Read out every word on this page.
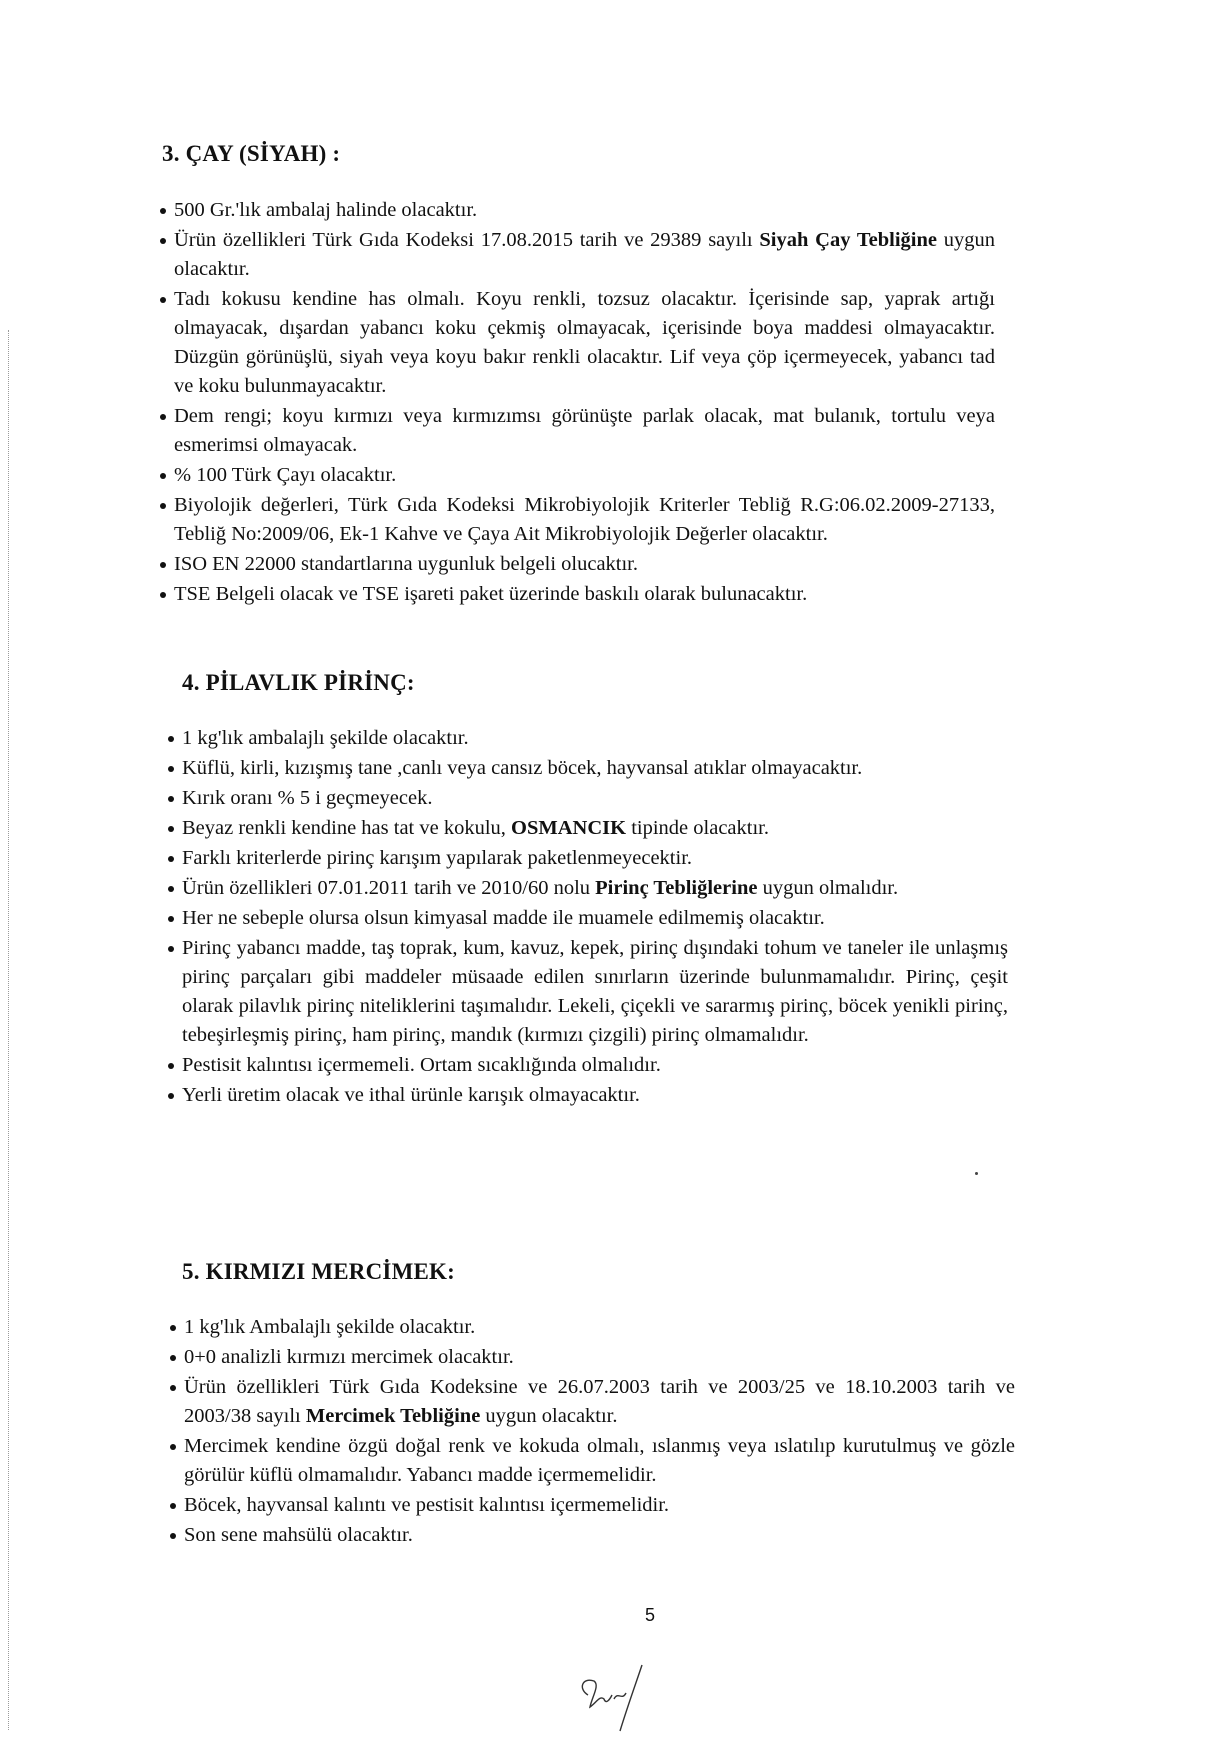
3. ÇAY (SİYAH) :
500 Gr.'lık ambalaj halinde olacaktır.
Ürün özellikleri Türk Gıda Kodeksi 17.08.2015 tarih ve 29389 sayılı Siyah Çay Tebliğine uygun olacaktır.
Tadı kokusu kendine has olmalı. Koyu renkli, tozsuz olacaktır. İçerisinde sap, yaprak artığı olmayacak, dışardan yabancı koku çekmiş olmayacak, içerisinde boya maddesi olmayacaktır. Düzgün görünüşlü, siyah veya koyu bakır renkli olacaktır. Lif veya çöp içermeyecek, yabancı tad ve koku bulunmayacaktır.
Dem rengi; koyu kırmızı veya kırmızımsı görünüşte parlak olacak, mat bulanık, tortulu veya esmerimsi olmayacak.
% 100 Türk Çayı olacaktır.
Biyolojik değerleri, Türk Gıda Kodeksi Mikrobiyolojik Kriterler Tebliğ R.G:06.02.2009-27133, Tebliğ No:2009/06, Ek-1 Kahve ve Çaya Ait Mikrobiyolojik Değerler olacaktır.
ISO EN 22000 standartlarına uygunluk belgeli olucaktır.
TSE Belgeli olacak ve TSE işareti paket üzerinde baskılı olarak bulunacaktır.
4. PİLAVLIK PİRİNÇ:
1 kg'lık ambalajlı şekilde olacaktır.
Küflü, kirli, kızışmış tane ,canlı veya cansız böcek, hayvansal atıklar olmayacaktır.
Kırık oranı % 5 i geçmeyecek.
Beyaz renkli kendine has tat ve kokulu, OSMANCIK tipinde olacaktır.
Farklı kriterlerde pirinç karışım yapılarak paketlenmeyecektir.
Ürün özellikleri 07.01.2011 tarih ve 2010/60 nolu Pirinç Tebliğlerine uygun olmalıdır.
Her ne sebeple olursa olsun kimyasal madde ile muamele edilmemiş olacaktır.
Pirinç yabancı madde, taş toprak, kum, kavuz, kepek, pirinç dışındaki tohum ve taneler ile unlaşmış pirinç parçaları gibi maddeler müsaade edilen sınırların üzerinde bulunmamalıdır. Pirinç, çeşit olarak pilavlık pirinç niteliklerini taşımalıdır. Lekeli, çiçekli ve sararmış pirinç, böcek yenikli pirinç, tebeşirleşmiş pirinç, ham pirinç, mandık (kırmızı çizgili) pirinç olmamalıdır.
Pestisit kalıntısı içermemeli. Ortam sıcaklığında olmalıdır.
Yerli üretim olacak ve ithal ürünle karışık olmayacaktır.
5. KIRMIZI MERCİMEK:
1 kg'lık Ambalajlı şekilde olacaktır.
0+0 analizli kırmızı mercimek olacaktır.
Ürün özellikleri Türk Gıda Kodeksine ve 26.07.2003 tarih ve 2003/25 ve 18.10.2003 tarih ve 2003/38 sayılı Mercimek Tebliğine uygun olacaktır.
Mercimek kendine özgü doğal renk ve kokuda olmalı, ıslanmış veya ıslatılıp kurutulmuş ve gözle görülür küflü olmamalıdır. Yabancı madde içermemelidir.
Böcek, hayvansal kalıntı ve pestisit kalıntısı içermemelidir.
Son sene mahsülü olacaktır.
5
